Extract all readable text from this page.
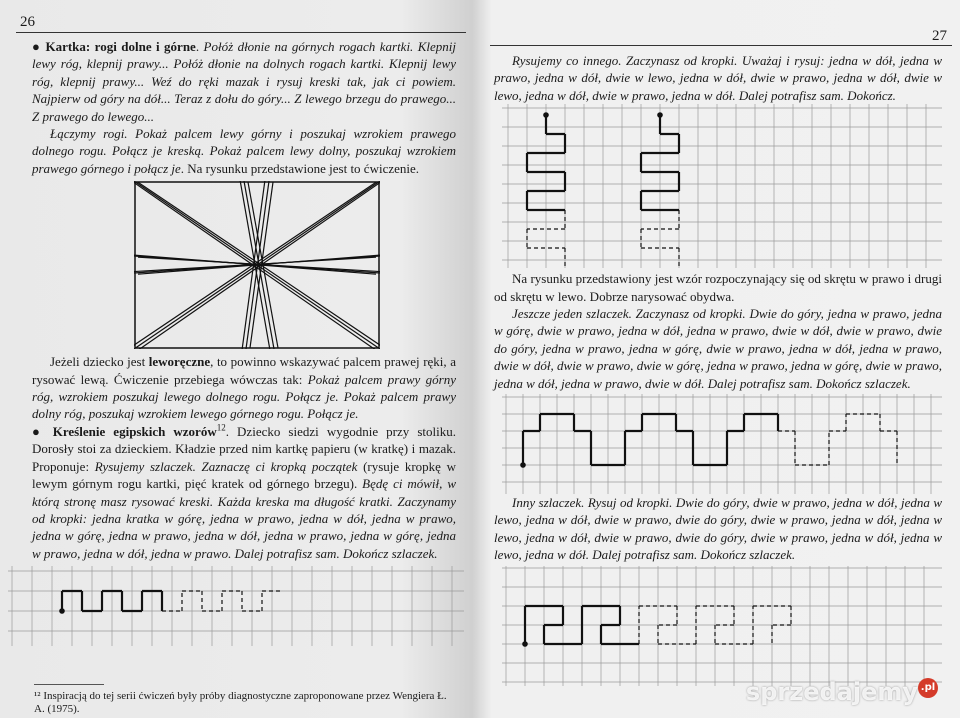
26
● Kartka: rogi dolne i górne. Połóż dłonie na górnych rogach kartki. Klepnij lewy róg, klepnij prawy... Połóż dłonie na dolnych rogach kartki. Klepnij lewy róg, klepnij prawy... Weź do ręki mazak i rysuj kreski tak, jak ci powiem. Najpierw od góry na dół... Teraz z dołu do góry... Z lewego brzegu do prawego... Z prawego do lewego...
Łączymy rogi. Pokaż palcem lewy górny i poszukaj wzrokiem prawego dolnego rogu. Połącz je kreską. Pokaż palcem lewy dolny, poszukaj wzrokiem prawego górnego i połącz je. Na rysunku przedstawione jest to ćwiczenie.
Jeżeli dziecko jest leworęczne, to powinno wskazywać palcem prawej ręki, a rysować lewą. Ćwiczenie przebiega wówczas tak: Pokaż palcem prawy górny róg, wzrokiem poszukaj lewego dolnego rogu. Połącz je. Pokaż palcem prawy dolny róg, poszukaj wzrokiem lewego górnego rogu. Połącz je.
● Kreślenie egipskich wzorów$^{12}$. Dziecko siedzi wygodnie przy stoliku. Dorosły stoi za dzieckiem. Kładzie przed nim kartkę papieru (w kratkę) i mazak. Proponuje: Rysujemy szlaczek. Zaznaczę ci kropką początek (rysuje kropkę w lewym górnym rogu kartki, pięć kratek od górnego brzegu). Będę ci mówił, w którą stronę masz rysować kreski. Każda kreska ma długość kratki. Zaczynamy od kropki: jedna kratka w górę, jedna w prawo, jedna w dół, jedna w prawo, jedna w górę, jedna w prawo, jedna w dół, jedna w prawo, jedna w górę, jedna w prawo, jedna w dół, jedna w prawo. Dalej potrafisz sam. Dokończ szlaczek.
¹² Inspiracją do tej serii ćwiczeń były próby diagnostyczne zaproponowane przez Wengiera Ł. A. (1975).
27
Rysujemy co innego. Zaczynasz od kropki. Uważaj i rysuj: jedna w dół, jedna w prawo, jedna w dół, dwie w lewo, jedna w dół, dwie w prawo, jedna w dół, dwie w lewo, jedna w dół, dwie w prawo, jedna w dół. Dalej potrafisz sam. Dokończ.
Na rysunku przedstawiony jest wzór rozpoczynający się od skrętu w prawo i drugi od skrętu w lewo. Dobrze narysować obydwa.
Jeszcze jeden szlaczek. Zaczynasz od kropki. Dwie do góry, jedna w prawo, jedna w górę, dwie w prawo, jedna w dół, jedna w prawo, dwie w dół, dwie w prawo, dwie do góry, jedna w prawo, jedna w górę, dwie w prawo, jedna w dół, jedna w prawo, dwie w dół, dwie w prawo, dwie w górę, jedna w prawo, jedna w górę, dwie w prawo, jedna w dół, jedna w prawo, dwie w dół. Dalej potrafisz sam. Dokończ szlaczek.
Inny szlaczek. Rysuj od kropki. Dwie do góry, dwie w prawo, jedna w dół, jedna w lewo, jedna w dół, dwie w prawo, dwie do góry, dwie w prawo, jedna w dół, jedna w lewo, jedna w dół, dwie w prawo, dwie do góry, dwie w prawo, jedna w dół, jedna w lewo, jedna w dół. Dalej potrafisz sam. Dokończ szlaczek.
sprzedajemy .pl
